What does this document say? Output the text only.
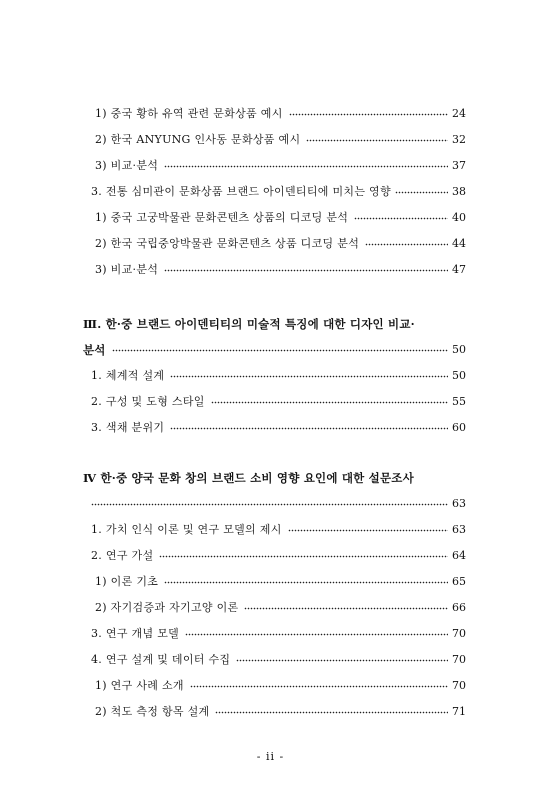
1) 중국 황하 유역 관련 문화상품 예시	24
2) 한국 ANYUNG 인사동 문화상품 예시	32
3) 비교·분석	37
3. 전통 심미관이 문화상품 브랜드 아이덴티티에 미치는 영향	38
1) 중국 고궁박물관 문화콘텐츠 상품의 디코딩 분석	40
2) 한국 국립중앙박물관 문화콘텐츠 상품 디코딩 분석	44
3) 비교·분석	47
Ⅲ. 한·중 브랜드 아이덴티티의 미술적 특징에 대한 디자인 비교·
분석	50
1. 체계적 설계	50
2. 구성 및 도형 스타일	55
3. 색채 분위기	60
Ⅳ 한·중 양국 문화 창의 브랜드 소비 영향 요인에 대한 설문조사
63
1. 가치 인식 이론 및 연구 모델의 제시	63
2. 연구 가설	64
1) 이론 기초	65
2) 자기검증과 자기고양 이론	66
3. 연구 개념 모델	70
4. 연구 설계 및 데이터 수집	70
1) 연구 사례 소개	70
2) 척도 측정 항목 설계	71
- ii -
